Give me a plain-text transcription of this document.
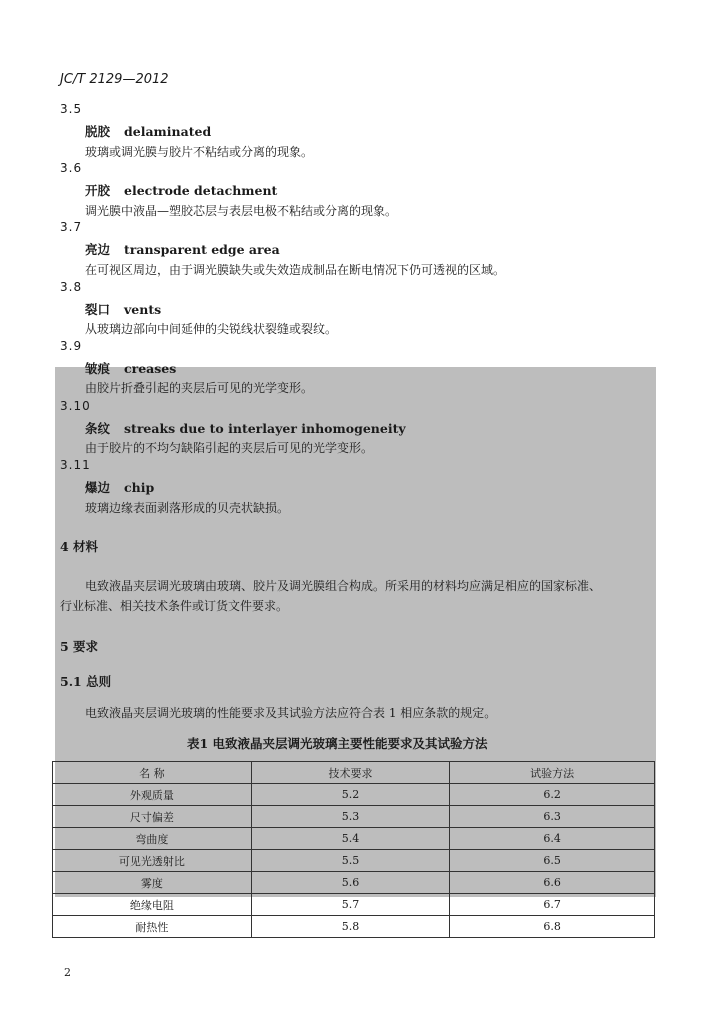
JC/T 2129—2012
3.5
脱胶 delaminated
玻璃或调光膜与胶片不粘结或分离的现象。
3.6
开胶 electrode detachment
调光膜中液晶—塑胶芯层与表层电极不粘结或分离的现象。
3.7
亮边 transparent edge area
在可视区周边，由于调光膜缺失或失效造成制品在断电情况下仍可透视的区域。
3.8
裂口 vents
从玻璃边部向中间延伸的尖锐线状裂缝或裂纹。
3.9
皱痕 creases
由胶片折叠引起的夹层后可见的光学变形。
3.10
条纹 streaks due to interlayer inhomogeneity
由于胶片的不均匀缺陷引起的夹层后可见的光学变形。
3.11
爆边 chip
玻璃边缘表面剥落形成的贝壳状缺损。
4 材料
电致液晶夹层调光玻璃由玻璃、胶片及调光膜组合构成。所采用的材料均应满足相应的国家标准、
行业标准、相关技术条件或订货文件要求。
5 要求
5.1 总则
电致液晶夹层调光玻璃的性能要求及其试验方法应符合表 1 相应条款的规定。
表1 电致液晶夹层调光玻璃主要性能要求及其试验方法
名 称	技术要求	试验方法
外观质量	5.2	6.2
尺寸偏差	5.3	6.3
弯曲度	5.4	6.4
可见光透射比	5.5	6.5
雾度	5.6	6.6
绝缘电阻	5.7	6.7
耐热性	5.8	6.8
2
